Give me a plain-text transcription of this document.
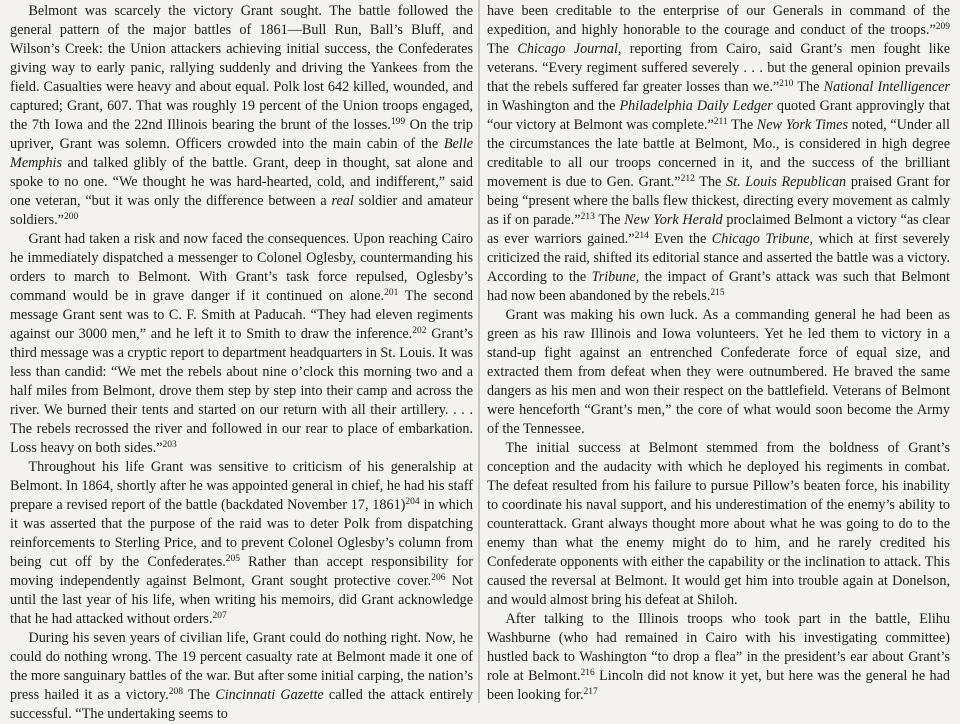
Belmont was scarcely the victory Grant sought. The battle followed the general pattern of the major battles of 1861—Bull Run, Ball’s Bluff, and Wilson’s Creek: the Union attackers achieving initial success, the Confederates giving way to early panic, rallying suddenly and driving the Yankees from the field. Casualties were heavy and about equal. Polk lost 642 killed, wounded, and captured; Grant, 607. That was roughly 19 percent of the Union troops engaged, the 7th Iowa and the 22nd Illinois bearing the brunt of the losses.$^{199}$ On the trip upriver, Grant was solemn. Officers crowded into the main cabin of the Belle Memphis and talked glibly of the battle. Grant, deep in thought, sat alone and spoke to no one. “We thought he was hard-hearted, cold, and indifferent,” said one veteran, “but it was only the difference between a real soldier and amateur soldiers.”$^{200}$

Grant had taken a risk and now faced the consequences. Upon reaching Cairo he immediately dispatched a messenger to Colonel Oglesby, countermanding his orders to march to Belmont. With Grant’s task force repulsed, Oglesby’s command would be in grave danger if it continued on alone.$^{201}$ The second message Grant sent was to C. F. Smith at Paducah. “They had eleven regiments against our 3000 men,” and he left it to Smith to draw the inference.$^{202}$ Grant’s third message was a cryptic report to department headquarters in St. Louis. It was less than candid: “We met the rebels about nine o’clock this morning two and a half miles from Belmont, drove them step by step into their camp and across the river. We burned their tents and started on our return with all their artillery. . . . The rebels recrossed the river and followed in our rear to place of embarkation. Loss heavy on both sides.”$^{203}$

Throughout his life Grant was sensitive to criticism of his generalship at Belmont. In 1864, shortly after he was appointed general in chief, he had his staff prepare a revised report of the battle (backdated November 17, 1861)$^{204}$ in which it was asserted that the purpose of the raid was to deter Polk from dispatching reinforcements to Sterling Price, and to prevent Colonel Oglesby’s column from being cut off by the Confederates.$^{205}$ Rather than accept responsibility for moving independently against Belmont, Grant sought protective cover.$^{206}$ Not until the last year of his life, when writing his memoirs, did Grant acknowledge that he had attacked without orders.$^{207}$

During his seven years of civilian life, Grant could do nothing right. Now, he could do nothing wrong. The 19 percent casualty rate at Belmont made it one of the more sanguinary battles of the war. But after some initial carping, the nation’s press hailed it as a victory.$^{208}$ The Cincinnati Gazette called the attack entirely successful. “The undertaking seems to

have been creditable to the enterprise of our Generals in command of the expedition, and highly honorable to the courage and conduct of the troops.”$^{209}$ The Chicago Journal, reporting from Cairo, said Grant’s men fought like veterans. “Every regiment suffered severely . . . but the general opinion prevails that the rebels suffered far greater losses than we.”$^{210}$ The National Intelligencer in Washington and the Philadelphia Daily Ledger quoted Grant approvingly that “our victory at Belmont was complete.”$^{211}$ The New York Times noted, “Under all the circumstances the late battle at Belmont, Mo., is considered in high degree creditable to all our troops concerned in it, and the success of the brilliant movement is due to Gen. Grant.”$^{212}$ The St. Louis Republican praised Grant for being “present where the balls flew thickest, directing every movement as calmly as if on parade.”$^{213}$ The New York Herald proclaimed Belmont a victory “as clear as ever warriors gained.”$^{214}$ Even the Chicago Tribune, which at first severely criticized the raid, shifted its editorial stance and asserted the battle was a victory. According to the Tribune, the impact of Grant’s attack was such that Belmont had now been abandoned by the rebels.$^{215}$

Grant was making his own luck. As a commanding general he had been as green as his raw Illinois and Iowa volunteers. Yet he led them to victory in a stand-up fight against an entrenched Confederate force of equal size, and extracted them from defeat when they were outnumbered. He braved the same dangers as his men and won their respect on the battlefield. Veterans of Belmont were henceforth “Grant’s men,” the core of what would soon become the Army of the Tennessee.

The initial success at Belmont stemmed from the boldness of Grant’s conception and the audacity with which he deployed his regiments in combat. The defeat resulted from his failure to pursue Pillow’s beaten force, his inability to coordinate his naval support, and his underestimation of the enemy’s ability to counterattack. Grant always thought more about what he was going to do to the enemy than what the enemy might do to him, and he rarely credited his Confederate opponents with either the capability or the inclination to attack. This caused the reversal at Belmont. It would get him into trouble again at Donelson, and would almost bring his defeat at Shiloh.

After talking to the Illinois troops who took part in the battle, Elihu Washburne (who had remained in Cairo with his investigating committee) hustled back to Washington “to drop a flea” in the president’s ear about Grant’s role at Belmont.$^{216}$ Lincoln did not know it yet, but here was the general he had been looking for.$^{217}$
